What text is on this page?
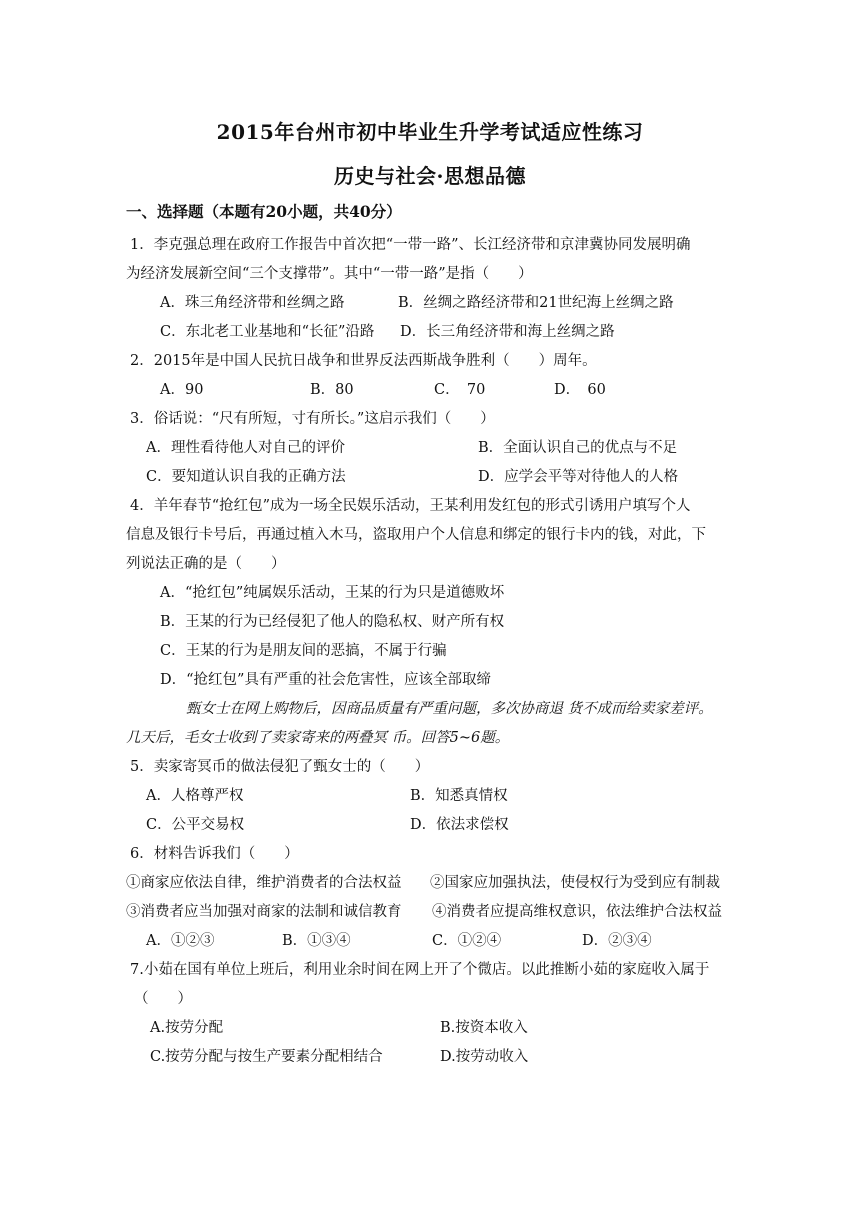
2015年台州市初中毕业生升学考试适应性练习
历史与社会·思想品德
一、选择题（本题有20小题，共40分）
1．李克强总理在政府工作报告中首次把“一带一路”、长江经济带和京津冀协同发展明确
为经济发展新空间“三个支撑带”。其中“一带一路”是指（　　）
A．珠三角经济带和丝绸之路	B．丝绸之路经济带和21世纪海上丝绸之路
C．东北老工业基地和“长征”沿路 D．长三角经济带和海上丝绸之路
2．2015年是中国人民抗日战争和世界反法西斯战争胜利（　　）周年。
A．90	B．80	C．　70	D．　60
3．俗话说：“尺有所短，寸有所长。”这启示我们（　　）
A．理性看待他人对自己的评价	B．全面认识自己的优点与不足
C．要知道认识自我的正确方法	D．应学会平等对待他人的人格
4．羊年春节“抢红包”成为一场全民娱乐活动，王某利用发红包的形式引诱用户填写个人
信息及银行卡号后，再通过植入木马，盗取用户个人信息和绑定的银行卡内的钱，对此，下
列说法正确的是（　　）
A．“抢红包”纯属娱乐活动，王某的行为只是道德败坏
B．王某的行为已经侵犯了他人的隐私权、财产所有权
C．王某的行为是朋友间的恶搞，不属于行骗
D．“抢红包”具有严重的社会危害性，应该全部取缔
甄女士在网上购物后，因商品质量有严重问题，多次协商退 货不成而给卖家差评。
几天后，毛女士收到了卖家寄来的两叠冥 币。回答5~6题。
5．卖家寄冥币的做法侵犯了甄女士的（　　）
A．人格尊严权	B．知悉真情权
C．公平交易权	D．依法求偿权
6．材料告诉我们（　　）
①商家应依法自律，维护消费者的合法权益 ②国家应加强执法，使侵权行为受到应有制裁
③消费者应当加强对商家的法制和诚信教育 ④消费者应提高维权意识，依法维护合法权益
A．①②③	B．①③④	C．①②④	D．②③④
7.小茹在国有单位上班后，利用业余时间在网上开了个微店。以此推断小茹的家庭收入属于
（　　）
A.按劳分配	B.按资本收入
C.按劳分配与按生产要素分配相结合	D.按劳动收入
